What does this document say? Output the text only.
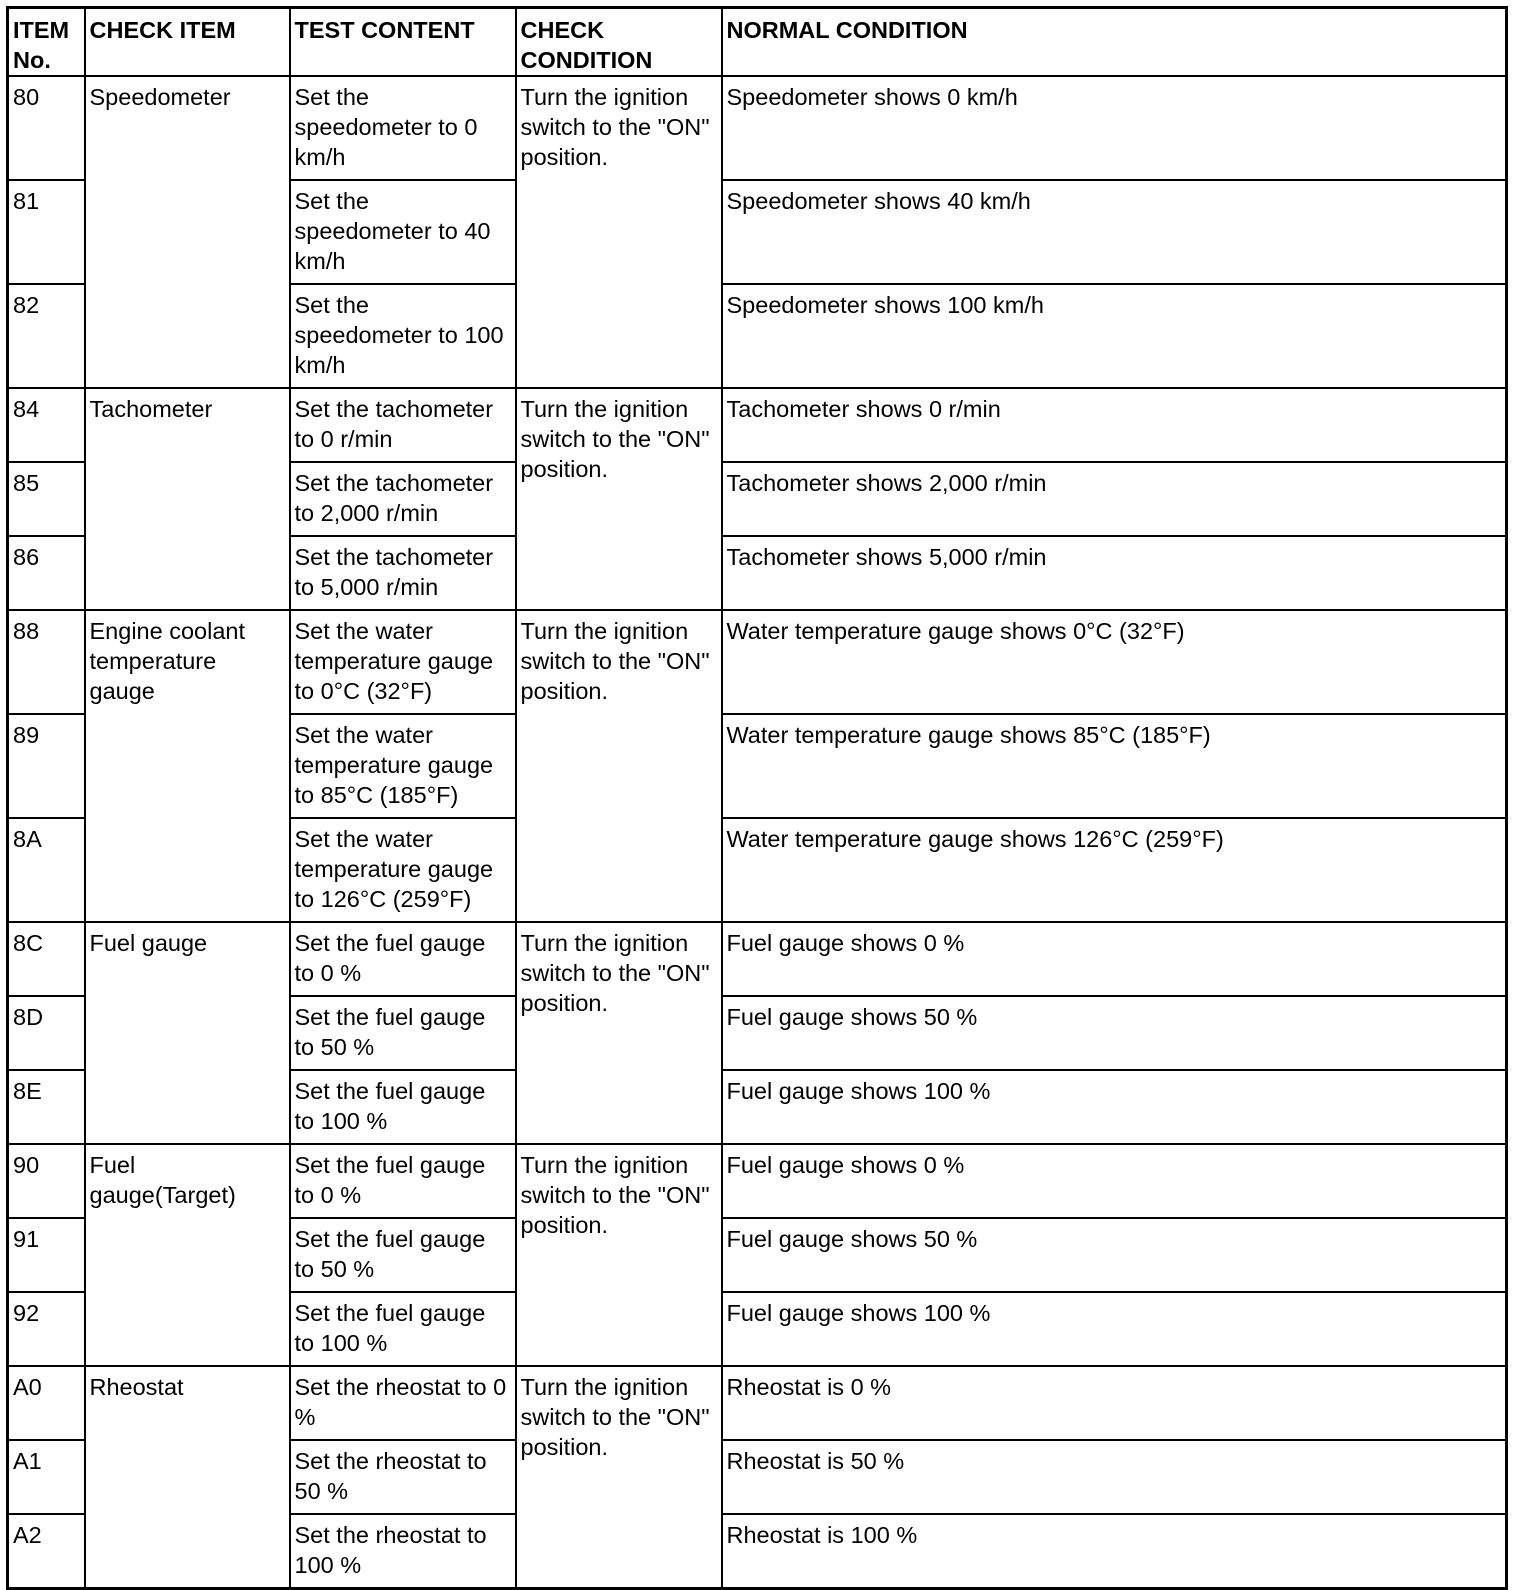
ITEM No.	CHECK ITEM	TEST CONTENT	CHECK CONDITION	NORMAL CONDITION
80	Speedometer	Set the speedometer to 0 km/h	Turn the ignition switch to the "ON" position.	Speedometer shows 0 km/h
81		Set the speedometer to 40 km/h		Speedometer shows 40 km/h
82		Set the speedometer to 100 km/h		Speedometer shows 100 km/h
84	Tachometer	Set the tachometer to 0 r/min	Turn the ignition switch to the "ON" position.	Tachometer shows 0 r/min
85		Set the tachometer to 2,000 r/min		Tachometer shows 2,000 r/min
86		Set the tachometer to 5,000 r/min		Tachometer shows 5,000 r/min
88	Engine coolant temperature gauge	Set the water temperature gauge to 0°C (32°F)	Turn the ignition switch to the "ON" position.	Water temperature gauge shows 0°C (32°F)
89		Set the water temperature gauge to 85°C (185°F)		Water temperature gauge shows 85°C (185°F)
8A		Set the water temperature gauge to 126°C (259°F)		Water temperature gauge shows 126°C (259°F)
8C	Fuel gauge	Set the fuel gauge to 0 %	Turn the ignition switch to the "ON" position.	Fuel gauge shows 0 %
8D		Set the fuel gauge to 50 %		Fuel gauge shows 50 %
8E		Set the fuel gauge to 100 %		Fuel gauge shows 100 %
90	Fuel gauge(Target)	Set the fuel gauge to 0 %	Turn the ignition switch to the "ON" position.	Fuel gauge shows 0 %
91		Set the fuel gauge to 50 %		Fuel gauge shows 50 %
92		Set the fuel gauge to 100 %		Fuel gauge shows 100 %
A0	Rheostat	Set the rheostat to 0 %	Turn the ignition switch to the "ON" position.	Rheostat is 0 %
A1		Set the rheostat to 50 %		Rheostat is 50 %
A2		Set the rheostat to 100 %		Rheostat is 100 %
